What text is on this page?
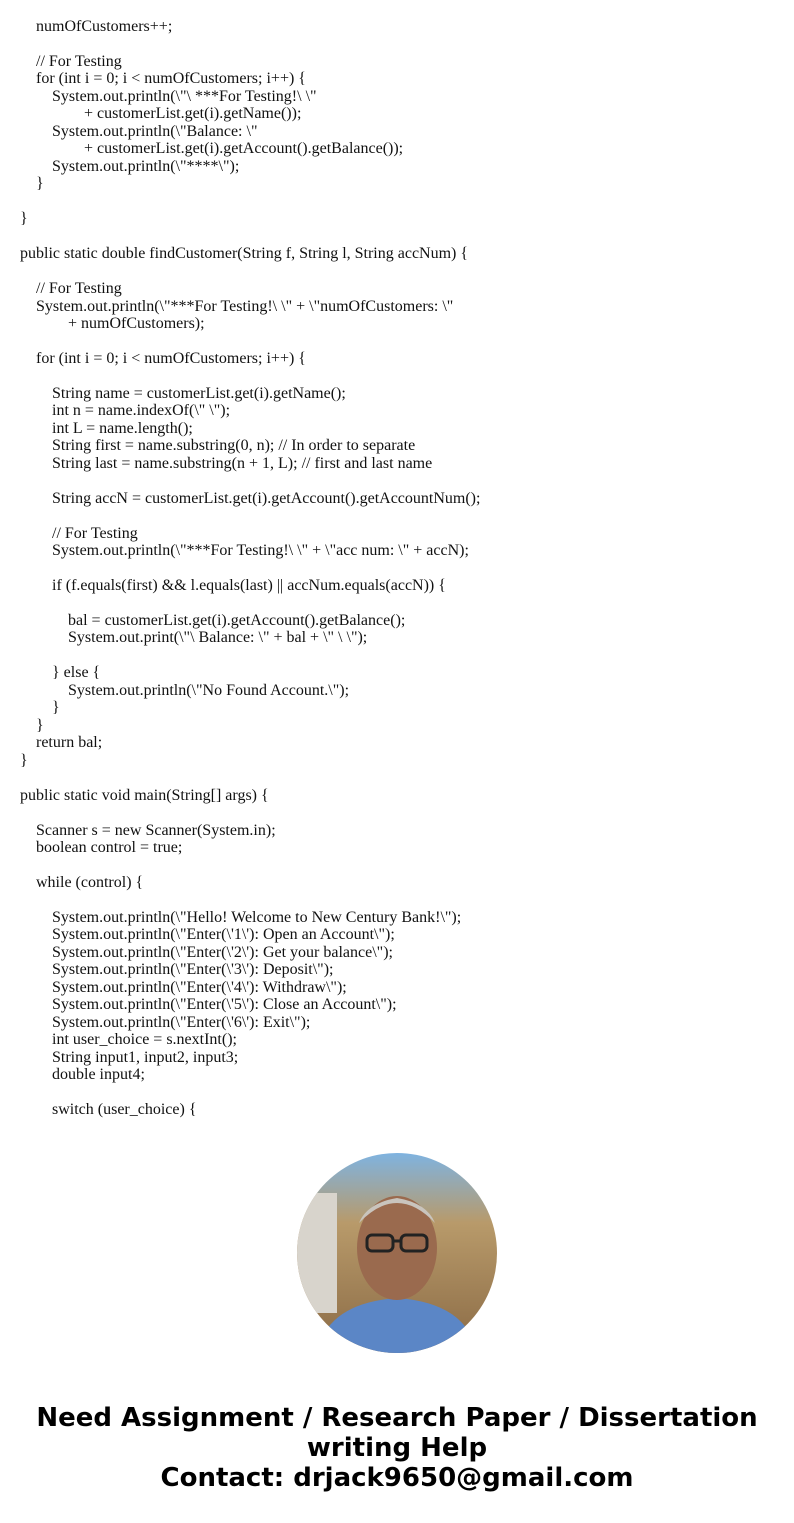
numOfCustomers++;
// For Testing
for (int i = 0; i < numOfCustomers; i++) {
System.out.println(\"\ ***For Testing!\ \"
+ customerList.get(i).getName());
System.out.println(\"Balance: \"
+ customerList.get(i).getAccount().getBalance());
System.out.println(\"****\");
}
}
public static double findCustomer(String f, String l, String accNum) {
// For Testing
System.out.println(\"***For Testing!\ \" + \"numOfCustomers: \"
+ numOfCustomers);
for (int i = 0; i < numOfCustomers; i++) {
String name = customerList.get(i).getName();
int n = name.indexOf(\" \");
int L = name.length();
String first = name.substring(0, n); // In order to separate
String last = name.substring(n + 1, L); // first and last name
String accN = customerList.get(i).getAccount().getAccountNum();
// For Testing
System.out.println(\"***For Testing!\ \" + \"acc num: \" + accN);
if (f.equals(first) && l.equals(last) || accNum.equals(accN)) {
bal = customerList.get(i).getAccount().getBalance();
System.out.print(\"\ Balance: \" + bal + \" \ \");
} else {
System.out.println(\"No Found Account.\");
}
}
return bal;
}
public static void main(String[] args) {
Scanner s = new Scanner(System.in);
boolean control = true;
while (control) {
System.out.println(\"Hello! Welcome to New Century Bank!\");
System.out.println(\"Enter(\'1\'): Open an Account\");
System.out.println(\"Enter(\'2\'): Get your balance\");
System.out.println(\"Enter(\'3\'): Deposit\");
System.out.println(\"Enter(\'4\'): Withdraw\");
System.out.println(\"Enter(\'5\'): Close an Account\");
System.out.println(\"Enter(\'6\'): Exit\");
int user_choice = s.nextInt();
String input1, input2, input3;
double input4;
switch (user_choice) {
Need Assignment / Research Paper / Dissertation
writing Help
Contact: drjack9650@gmail.com
